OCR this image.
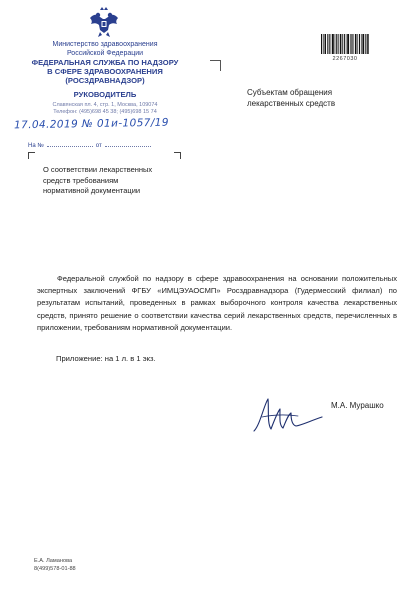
Министерство здравоохранения
Российской Федерации
ФЕДЕРАЛЬНАЯ СЛУЖБА ПО НАДЗОРУ
В СФЕРЕ ЗДРАВООХРАНЕНИЯ
(РОСЗДРАВНАДЗОР)
РУКОВОДИТЕЛЬ
Славянская пл. 4, стр. 1, Москва, 109074
Телефон: (495)698 45 38; (495)698 15 74
2267030
Субъектам обращения
лекарственных средств
17.04.2019 № 01и-1057/19
На №	от
О соответствии лекарственных
средств требованиям
нормативной документации
Федеральной службой по надзору в сфере здравоохранения на основании положительных экспертных заключений ФГБУ «ИМЦЭУАОСМП» Росздравнадзора (Гудермесский филиал) по результатам испытаний, проведенных в рамках выборочного контроля качества лекарственных средств, принято решение о соответствии качества серий лекарственных средств, перечисленных в приложении, требованиям нормативной документации.
Приложение: на 1 л. в 1 экз.
М.А. Мурашко
Е.А. Ламанова
8(499)578-01-88
